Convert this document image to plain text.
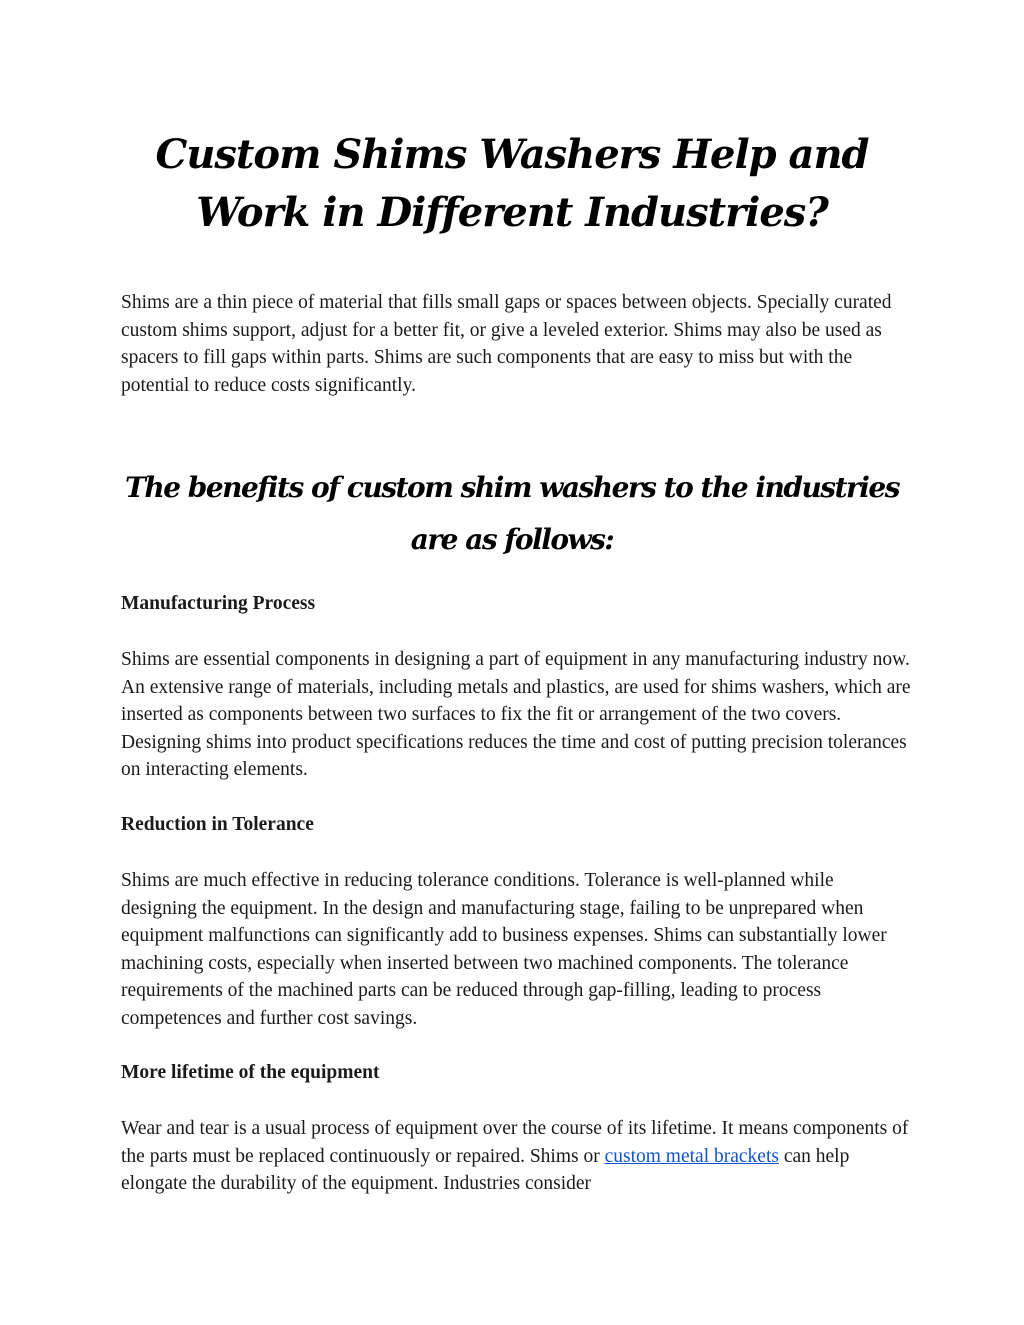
Custom Shims Washers Help and Work in Different Industries?

Shims are a thin piece of material that fills small gaps or spaces between objects. Specially curated custom shims support, adjust for a better fit, or give a leveled exterior. Shims may also be used as spacers to fill gaps within parts. Shims are such components that are easy to miss but with the potential to reduce costs significantly.

The benefits of custom shim washers to the industries are as follows:
Manufacturing Process

Shims are essential components in designing a part of equipment in any manufacturing industry now. An extensive range of materials, including metals and plastics, are used for shims washers, which are inserted as components between two surfaces to fix the fit or arrangement of the two covers. Designing shims into product specifications reduces the time and cost of putting precision tolerances on interacting elements.

Reduction in Tolerance

Shims are much effective in reducing tolerance conditions. Tolerance is well-planned while designing the equipment. In the design and manufacturing stage, failing to be unprepared when equipment malfunctions can significantly add to business expenses. Shims can substantially lower machining costs, especially when inserted between two machined components. The tolerance requirements of the machined parts can be reduced through gap-filling, leading to process competences and further cost savings.

More lifetime of the equipment

Wear and tear is a usual process of equipment over the course of its lifetime. It means components of the parts must be replaced continuously or repaired. Shims or custom metal brackets can help elongate the durability of the equipment. Industries consider
